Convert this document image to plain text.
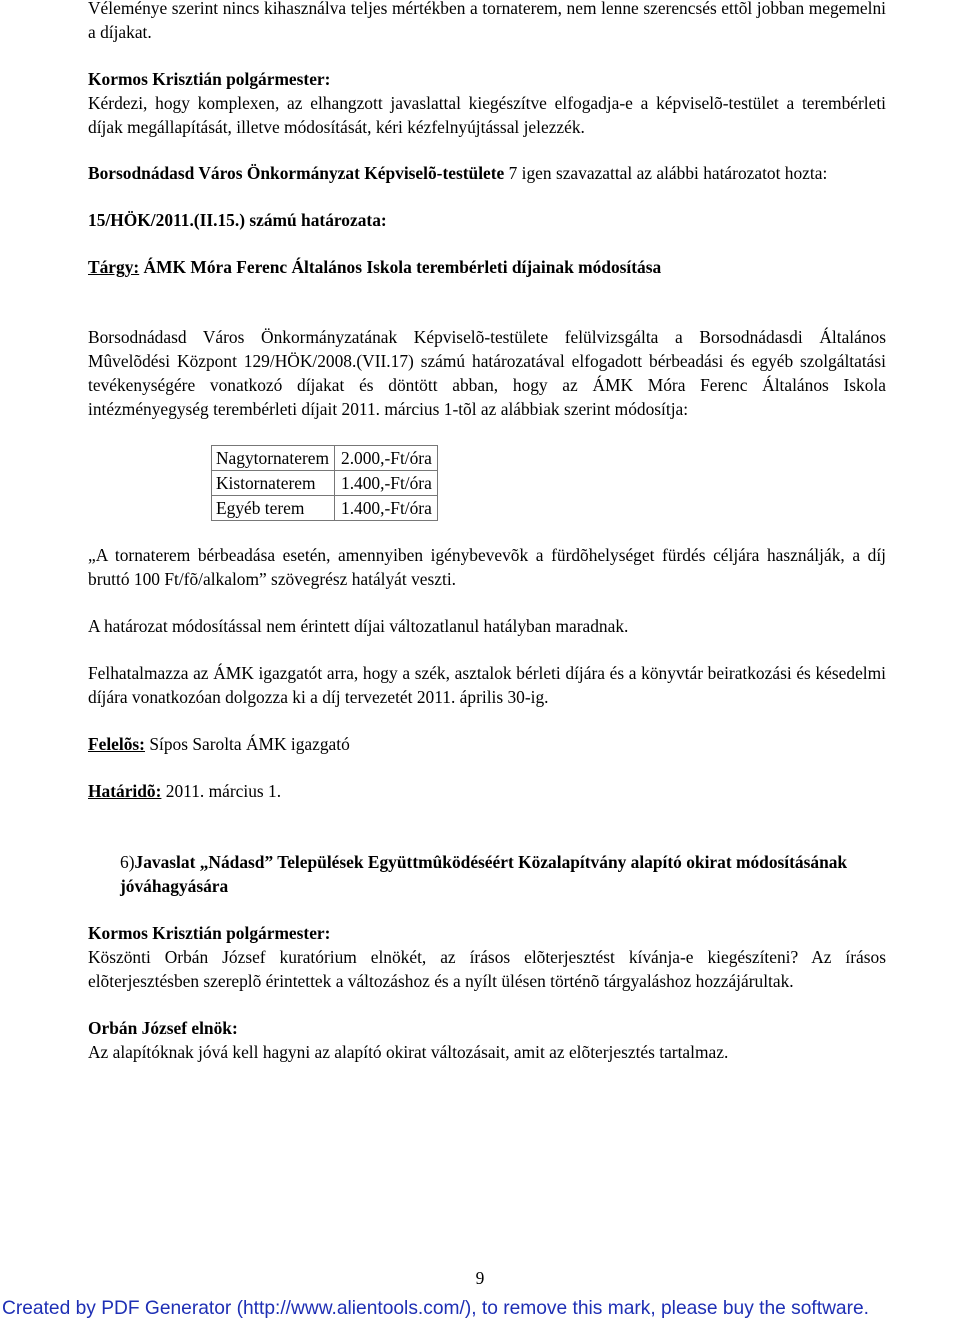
Véleménye szerint nincs kihasználva teljes mértékben a tornaterem, nem lenne szerencsés ettõl jobban megemelni a díjakat.

Kormos Krisztián polgármester:

Kérdezi, hogy komplexen, az elhangzott javaslattal kiegészítve elfogadja-e a képviselõ-testület a terembérleti díjak megállapítását, illetve módosítását, kéri kézfelnyújtással jelezzék.

Borsodnádasd Város Önkormányzat Képviselõ-testülete 7 igen szavazattal az alábbi határozatot hozta:

15/HÖK/2011.(II.15.) számú határozata:

Tárgy: ÁMK Móra Ferenc Általános Iskola terembérleti díjainak módosítása

Borsodnádasd Város Önkormányzatának Képviselõ-testülete felülvizsgálta a Borsodnádasdi Általános Mûvelõdési Központ 129/HÖK/2008.(VII.17) számú határozatával elfogadott bérbeadási és egyéb szolgáltatási tevékenységére vonatkozó díjakat és döntött abban, hogy az ÁMK Móra Ferenc Általános Iskola intézményegység terembérleti díjait 2011. március 1-tõl az alábbiak szerint módosítja:

Nagytornaterem	2.000,-Ft/óra
Kistornaterem	1.400,-Ft/óra
Egyéb terem	1.400,-Ft/óra

„A tornaterem bérbeadása esetén, amennyiben igénybevevõk a fürdõhelységet fürdés céljára használják, a díj bruttó 100 Ft/fõ/alkalom” szövegrész hatályát veszti.

A határozat módosítással nem érintett díjai változatlanul hatályban maradnak.

Felhatalmazza az ÁMK igazgatót arra, hogy a szék, asztalok bérleti díjára és a könyvtár beiratkozási és késedelmi díjára vonatkozóan dolgozza ki a díj tervezetét 2011. április 30-ig.

Felelõs: Sípos Sarolta ÁMK igazgató

Határidõ: 2011. március 1.

6)Javaslat „Nádasd” Települések Együttmûködéséért Közalapítvány alapító okirat módosításának jóváhagyására

Kormos Krisztián polgármester:

Köszönti Orbán József kuratórium elnökét, az írásos elõterjesztést kívánja-e kiegészíteni? Az írásos elõterjesztésben szereplõ érintettek a változáshoz és a nyílt ülésen történõ tárgyaláshoz hozzájárultak.

Orbán József elnök:

Az alapítóknak jóvá kell hagyni az alapító okirat változásait, amit az elõterjesztés tartalmaz.

9
Created by PDF Generator (http://www.alientools.com/), to remove this mark, please buy the software.
